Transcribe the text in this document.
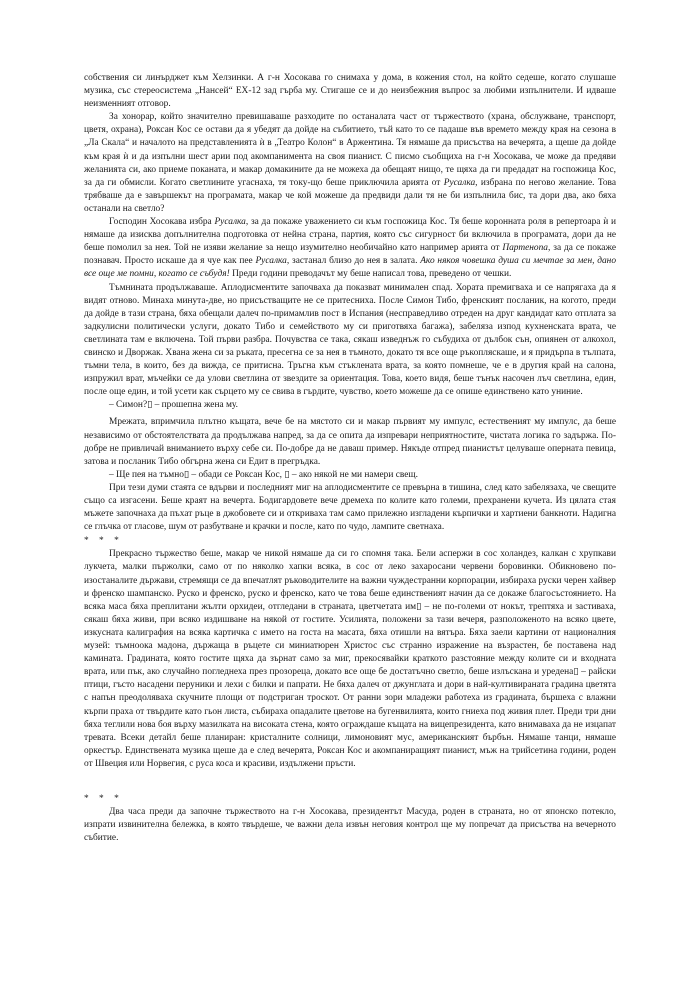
собствения си линърджет към Хелзинки. А г-н Хосокава го снимаха у дома, в кожения стол, на който седеше, когато слушаше музика, със стереосистема „Нансей“ ЕХ-12 зад гърба му. Стигаше се и до неизбежния въпрос за любими изпълнители. И идваше неизменният отговор.

За хонорар, който значително превишаваше разходите по останалата част от тържеството (храна, обслужване, транспорт, цветя, охрана), Роксан Кос се остави да я убедят да дойде на събитието, тъй като то се падаше във времето между края на сезона в „Ла Скала“ и началото на представленията ѝ в „Театро Колон“ в Аржентина. Тя нямаше да присъства на вечерята, а щеше да дойде към края ѝ и да изпълни шест арии под акомпанимента на своя пианист. С писмо съобщиха на г-н Хосокава, че може да предяви желанията си, ако приеме поканата, и макар домакините да не можеха да обещаят нищо, те щяха да ги предадат на госпожица Кос, за да ги обмисли. Когато светлините угаснаха, тя току-що беше приключила арията от Русалка, избрана по негово желание. Това трябваше да е завършекът на програмата, макар че кой можеше да предвиди дали тя не би изпълнила бис, та дори два, ако бяха останали на светло?

Господин Хосокава избра Русалка, за да покаже уважението си към госпожица Кос. Тя беше коронната роля в репертоара ѝ и нямаше да изисква допълнителна подготовка от нейна страна, партия, която със сигурност би включила в програмата, дори да не беше помолил за нея. Той не изяви желание за нещо изумително необичайно като например арията от Партенопа, за да се покаже познавач. Просто искаше да я чуе как пее Русалка, застанал близо до нея в залата. Ако някоя човешка душа си мечтае за мен, дано все още ме помни, когато се събудя! Преди години преводачът му беше написал това, преведено от чешки.

Тъмнината продължаваше. Аплодисментите започваха да показват минимален спад. Хората премигваха и се напрягаха да я видят отново. Минаха минута-две, но присъстващите не се притесниха. После Симон Тибо, френският посланик, на когото, преди да дойде в тази страна, бяха обещали далеч по-примамлив пост в Испания (несправедливо отреден на друг кандидат като отплата за задкулисни политически услуги, докато Тибо и семейството му си приготвяха багажа), забеляза изпод кухненската врата, че светлината там е включена. Той първи разбра. Почувства се така, сякаш изведнъж го събудиха от дълбок сън, опиянен от алкохол, свинско и Дворжак. Хвана жена си за ръката, пресегна се за нея в тъмното, докато тя все още ръкопляскаше, и я придърпа в тълпата, тъмни тела, в които, без да вижда, се притисна. Тръгна към стъклената врата, за която помнеше, че е в другия край на салона, изпружил врат, мъчейки се да улови светлина от звездите за ориентация. Това, което видя, беше тънък насочен лъч светлина, един, после още един, и той усети как сърцето му се свива в гърдите, чувство, което можеше да се опише единствено като униние.

– Симон?▯ – прошепна жена му.

Мрежата, впримчила плътно къщата, вече бе на мястото си и макар първият му импулс, естественият му импулс, да беше независимо от обстоятелствата да продължава напред, за да се опита да изпревари неприятностите, чистата логика го задържа. По-добре не привличай вниманието върху себе си. По-добре да не даваш пример. Някъде отпред пианистът целуваше оперната певица, затова и посланик Тибо обгърна жена си Едит в прегръдка.

– Ще пея на тъмно▯ – обади се Роксан Кос, ▯ – ако някой не ми намери свещ.

При тези думи стаята се вдърви и последният миг на аплодисментите се превърна в тишина, след като забелязаха, че свещите също са изгасени. Беше краят на вечерта. Бодигардовете вече дремеха по колите като големи, прехранени кучета. Из цялата стая мъжете започнаха да пъхат ръце в джобовете си и откриваха там само прилежно изгладени кърпички и хартиени банкноти. Надигна се глъчка от гласове, шум от разбутване и крачки и после, като по чудо, лампите светнаха.

* * *

Прекрасно тържество беше, макар че никой нямаше да си го спомня така. Бели аспержи в сос холандез, калкан с хрупкави лукчета, малки пържолки, само от по няколко хапки всяка, в сос от леко захаросани червени боровинки. Обикновено по-изостаналите държави, стремящи се да впечатлят ръководителите на важни чуждестранни корпорации, избираха руски черен хайвер и френско шампанско. Руско и френско, руско и френско, като че това беше единственият начин да се докаже благосъстоянието. На всяка маса бяха преплитани жълти орхидеи, отгледани в страната, цветчетата им▯ – не по-големи от нокът, трептяха и застиваха, сякаш бяха живи, при всяко издишване на някой от гостите. Усилията, положени за тази вечеря, разположеното на всяко цвете, изкусната калиграфия на всяка картичка с името на госта на масата, бяха отишли на вятъра. Бяха заели картини от националния музей: тъмноока мадона, държаща в ръцете си миниатюрен Христос със странно изражение на възрастен, бе поставена над камината. Градината, която гостите щяха да зърнат само за миг, прекосявайки краткото разстояние между колите си и входната врата, или пък, ако случайно погледнеха през прозореца, докато все още бе достатъчно светло, беше излъскана и уредена▯ – райски птици, гъсто насадени перуники и лехи с билки и папрати. Не бяха далеч от джунглата и дори в най-култивираната градина цветята с напън преодоляваха скучните площи от подстриган троскот. От ранни зори младежи работеха из градината, бършеха с влажни кърпи праха от твърдите като гьон листа, събираха опадалите цветове на бугенвилията, които гниеха под живия плет. Преди три дни бяха теглили нова боя върху мазилката на високата стена, която ограждаше къщата на вицепрезидента, като внимаваха да не изцапат тревата. Всеки детайл беше планиран: кристалните солници, лимоновият мус, американският бърбън. Нямаше танци, нямаше оркестър. Единствената музика щеше да е след вечерята, Роксан Кос и акомпаниращият пианист, мъж на трийсетина години, роден от Швеция или Норвегия, с руса коса и красиви, издължени пръсти.

* * *

Два часа преди да започне тържеството на г-н Хосокава, президентът Масуда, роден в страната, но от японско потекло, изпрати извинителна бележка, в която твърдеше, че важни дела извън неговия контрол ще му попречат да присъства на вечерното събитие.
